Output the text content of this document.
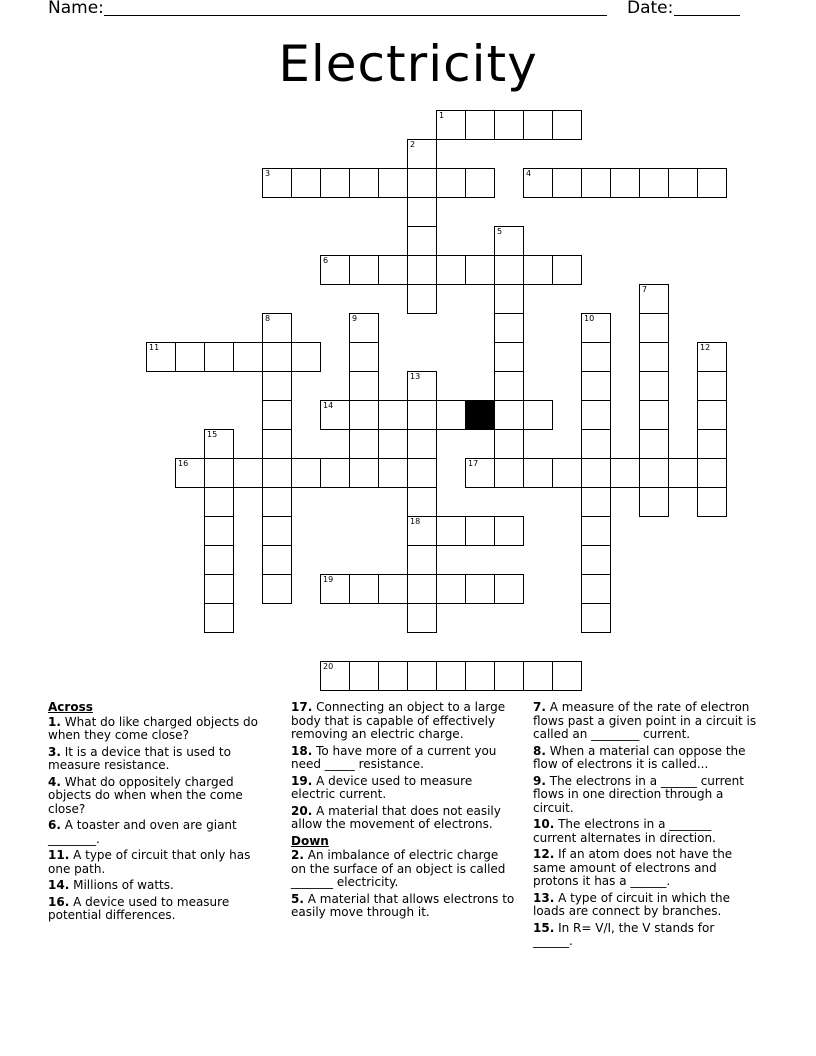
Name:	Date:
Electricity
1
2
3	4
5
6
7
8	9	10
11	12
13
18
14
15
16	17
19
20
Across
1. What do like charged objects do when they come close?
3. It is a device that is used to measure resistance.
4. What do oppositely charged objects do when when the come close?
6. A toaster and oven are giant ________.
11. A type of circuit that only has one path.
14. Millions of watts.
16. A device used to measure potential differences.
17. Connecting an object to a large body that is capable of effectively removing an electric charge.
18. To have more of a current you need _____ resistance.
19. A device used to measure electric current.
20. A material that does not easily allow the movement of electrons.
Down
2. An imbalance of electric charge on the surface of an object is called _______ electricity.
5. A material that allows electrons to easily move through it.
7. A measure of the rate of electron flows past a given point in a circuit is called an ________ current.
8. When a material can oppose the flow of electrons it is called...
9. The electrons in a ______ current flows in one direction through a circuit.
10. The electrons in a _______ current alternates in direction.
12. If an atom does not have the same amount of electrons and protons it has a ______.
13. A type of circuit in which the loads are connect by branches.
15. In R= V/I, the V stands for ______.
